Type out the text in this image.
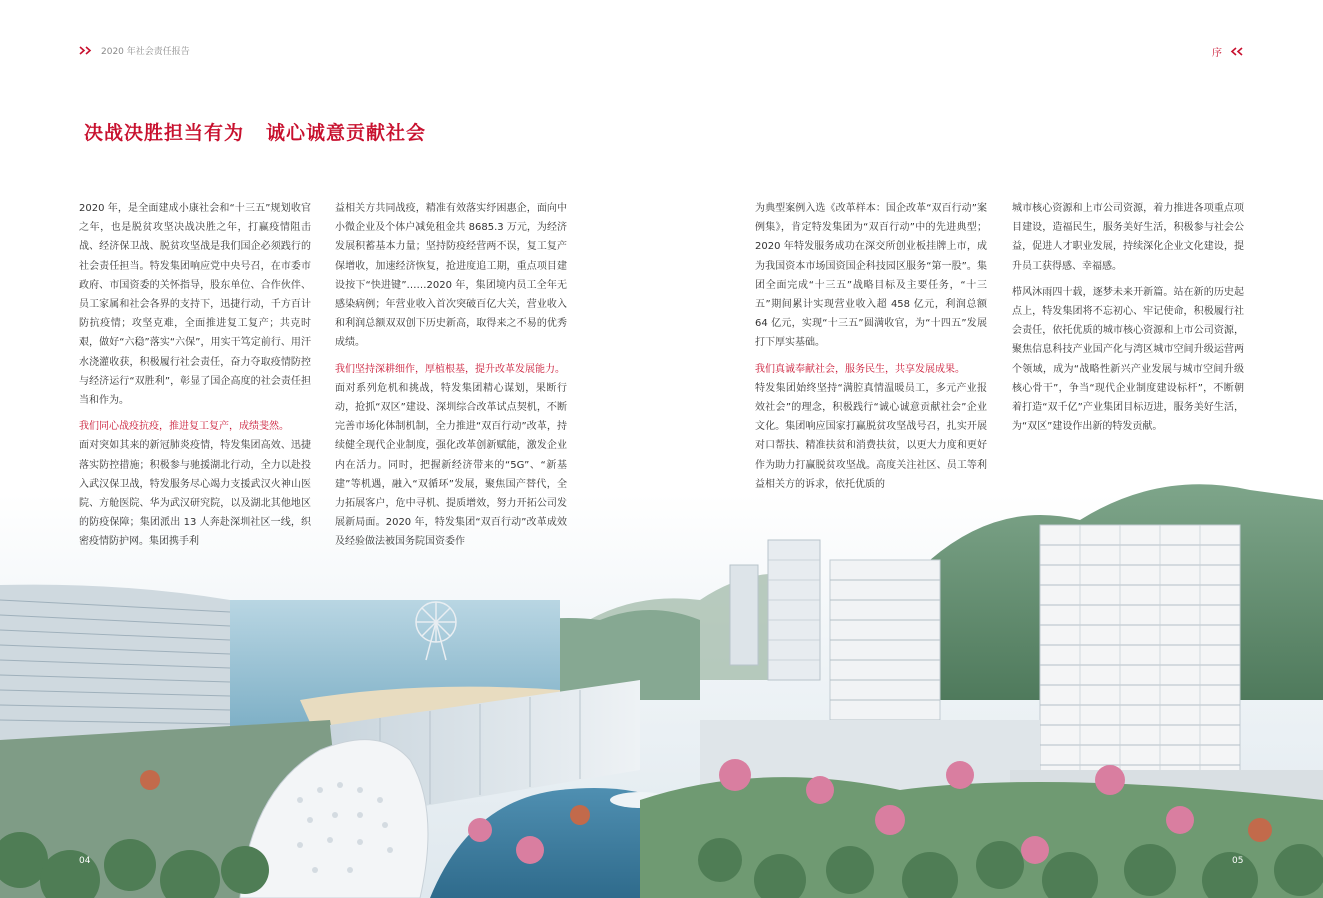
2020 年社会责任报告
决战决胜担当有为 诚心诚意贡献社会

2020 年，是全面建成小康社会和“十三五”规划收官之年，也是脱贫攻坚决战决胜之年，打赢疫情阻击战、经济保卫战、脱贫攻坚战是我们国企必须践行的社会责任担当。特发集团响应党中央号召，在市委市政府、市国资委的关怀指导，股东单位、合作伙伴、员工家属和社会各界的支持下，迅捷行动，千方百计防抗疫情；攻坚克难，全面推进复工复产；共克时艰，做好“六稳”落实“六保”，用实干笃定前行、用汗水浇灌收获，积极履行社会责任，奋力夺取疫情防控与经济运行“双胜利”，彰显了国企高度的社会责任担当和作为。

我们同心战疫抗疫，推进复工复产，成绩斐然。

面对突如其来的新冠肺炎疫情，特发集团高效、迅捷落实防控措施；积极参与驰援湖北行动，全力以赴投入武汉保卫战，特发服务尽心竭力支援武汉火神山医院、方舱医院、华为武汉研究院，以及湖北其他地区的防疫保障；集团派出 13 人奔赴深圳社区一线，织密疫情防护网。集团携手利

益相关方共同战疫，精准有效落实纾困惠企，面向中小微企业及个体户减免租金共 8685.3 万元，为经济发展积蓄基本力量；坚持防疫经营两不误，复工复产保增收，加速经济恢复，抢进度追工期，重点项目建设按下“快进键”……2020 年，集团境内员工全年无感染病例；年营业收入首次突破百亿大关，营业收入和利润总额双双创下历史新高，取得来之不易的优秀成绩。

我们坚持深耕细作，厚植根基，提升改革发展能力。

面对系列危机和挑战，特发集团精心谋划，果断行动，抢抓“双区”建设、深圳综合改革试点契机，不断完善市场化体制机制，全力推进“双百行动”改革，持续健全现代企业制度，强化改革创新赋能，激发企业内在活力。同时，把握新经济带来的“5G”、“新基建”等机遇，融入“双循环”发展，聚焦国产替代，全力拓展客户，危中寻机、提质增效，努力开拓公司发展新局面。2020 年，特发集团“双百行动”改革成效及经验做法被国务院国资委作

04
序

为典型案例入选《改革样本：国企改革“双百行动”案例集》，肯定特发集团为“双百行动”中的先进典型；2020 年特发服务成功在深交所创业板挂牌上市，成为我国资本市场国资国企科技园区服务“第一股”。集团全面完成“十三五”战略目标及主要任务，“十三五”期间累计实现营业收入超 458 亿元，利润总额 64 亿元，实现“十三五”圆满收官，为“十四五”发展打下厚实基础。

我们真诚奉献社会，服务民生，共享发展成果。

特发集团始终坚持“满腔真情温暖员工，多元产业报效社会”的理念，积极践行“诚心诚意贡献社会”企业文化。集团响应国家打赢脱贫攻坚战号召，扎实开展对口帮扶、精准扶贫和消费扶贫，以更大力度和更好作为助力打赢脱贫攻坚战。高度关注社区、员工等利益相关方的诉求，依托优质的

城市核心资源和上市公司资源，着力推进各项重点项目建设，造福民生，服务美好生活，积极参与社会公益，促进人才职业发展，持续深化企业文化建设，提升员工获得感、幸福感。

栉风沐雨四十载，逐梦未来开新篇。站在新的历史起点上，特发集团将不忘初心、牢记使命，积极履行社会责任，依托优质的城市核心资源和上市公司资源，聚焦信息科技产业国产化与湾区城市空间升级运营两个领域，成为“战略性新兴产业发展与城市空间升级核心骨干”，争当“现代企业制度建设标杆”，不断朝着打造“双千亿”产业集团目标迈进，服务美好生活，为“双区”建设作出新的特发贡献。

05
